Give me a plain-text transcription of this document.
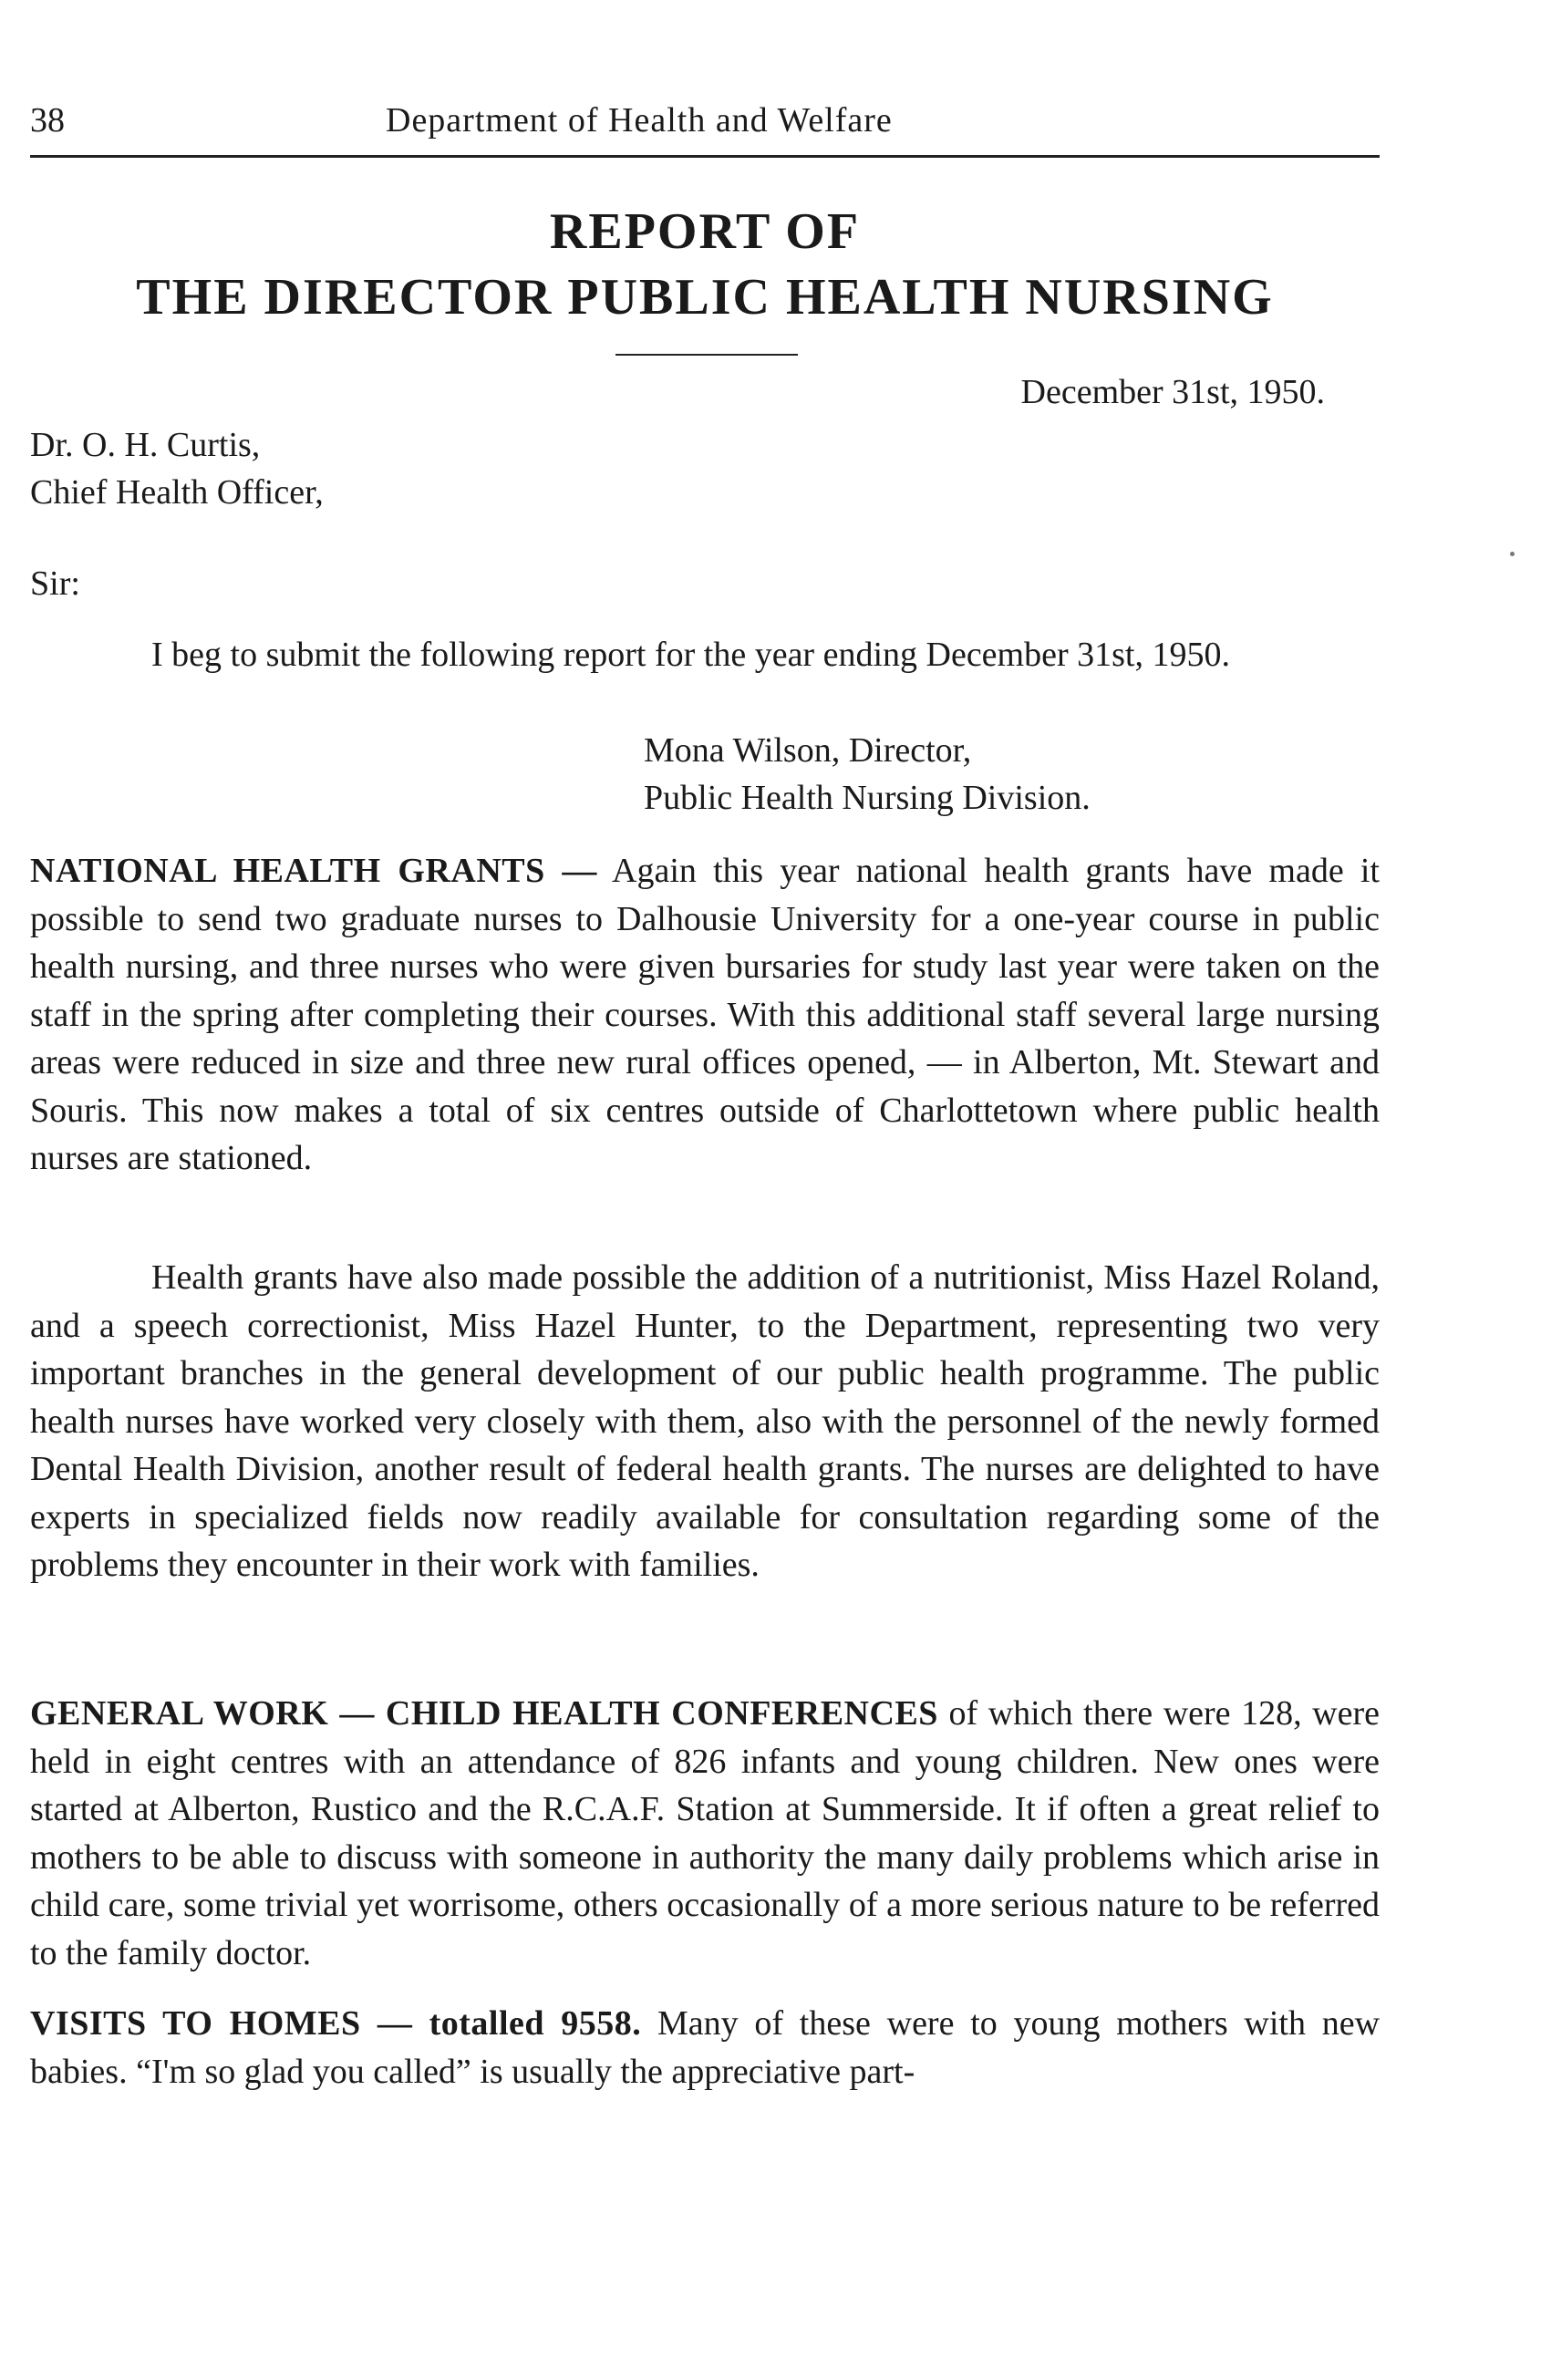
38	Department of Health and Welfare
REPORT OF
THE DIRECTOR PUBLIC HEALTH NURSING
December 31st, 1950.
Dr. O. H. Curtis,
Chief Health Officer,
Sir:
I beg to submit the following report for the year ending December 31st, 1950.
Mona Wilson, Director,
Public Health Nursing Division.
NATIONAL HEALTH GRANTS — Again this year national health grants have made it possible to send two graduate nurses to Dalhousie University for a one-year course in public health nursing, and three nurses who were given bursaries for study last year were taken on the staff in the spring after completing their courses. With this additional staff several large nursing areas were reduced in size and three new rural offices opened, — in Alberton, Mt. Stewart and Souris. This now makes a total of six centres outside of Charlottetown where public health nurses are stationed.
Health grants have also made possible the addition of a nutritionist, Miss Hazel Roland, and a speech correctionist, Miss Hazel Hunter, to the Department, representing two very important branches in the general development of our public health programme. The public health nurses have worked very closely with them, also with the personnel of the newly formed Dental Health Division, another result of federal health grants. The nurses are delighted to have experts in specialized fields now readily available for consultation regarding some of the problems they encounter in their work with families.
GENERAL WORK — CHILD HEALTH CONFERENCES of which there were 128, were held in eight centres with an attendance of 826 infants and young children. New ones were started at Alberton, Rustico and the R.C.A.F. Station at Summerside. It if often a great relief to mothers to be able to discuss with someone in authority the many daily problems which arise in child care, some trivial yet worrisome, others occasionally of a more serious nature to be referred to the family doctor.
VISITS TO HOMES — totalled 9558. Many of these were to young mothers with new babies. “I'm so glad you called” is usually the appreciative part-
